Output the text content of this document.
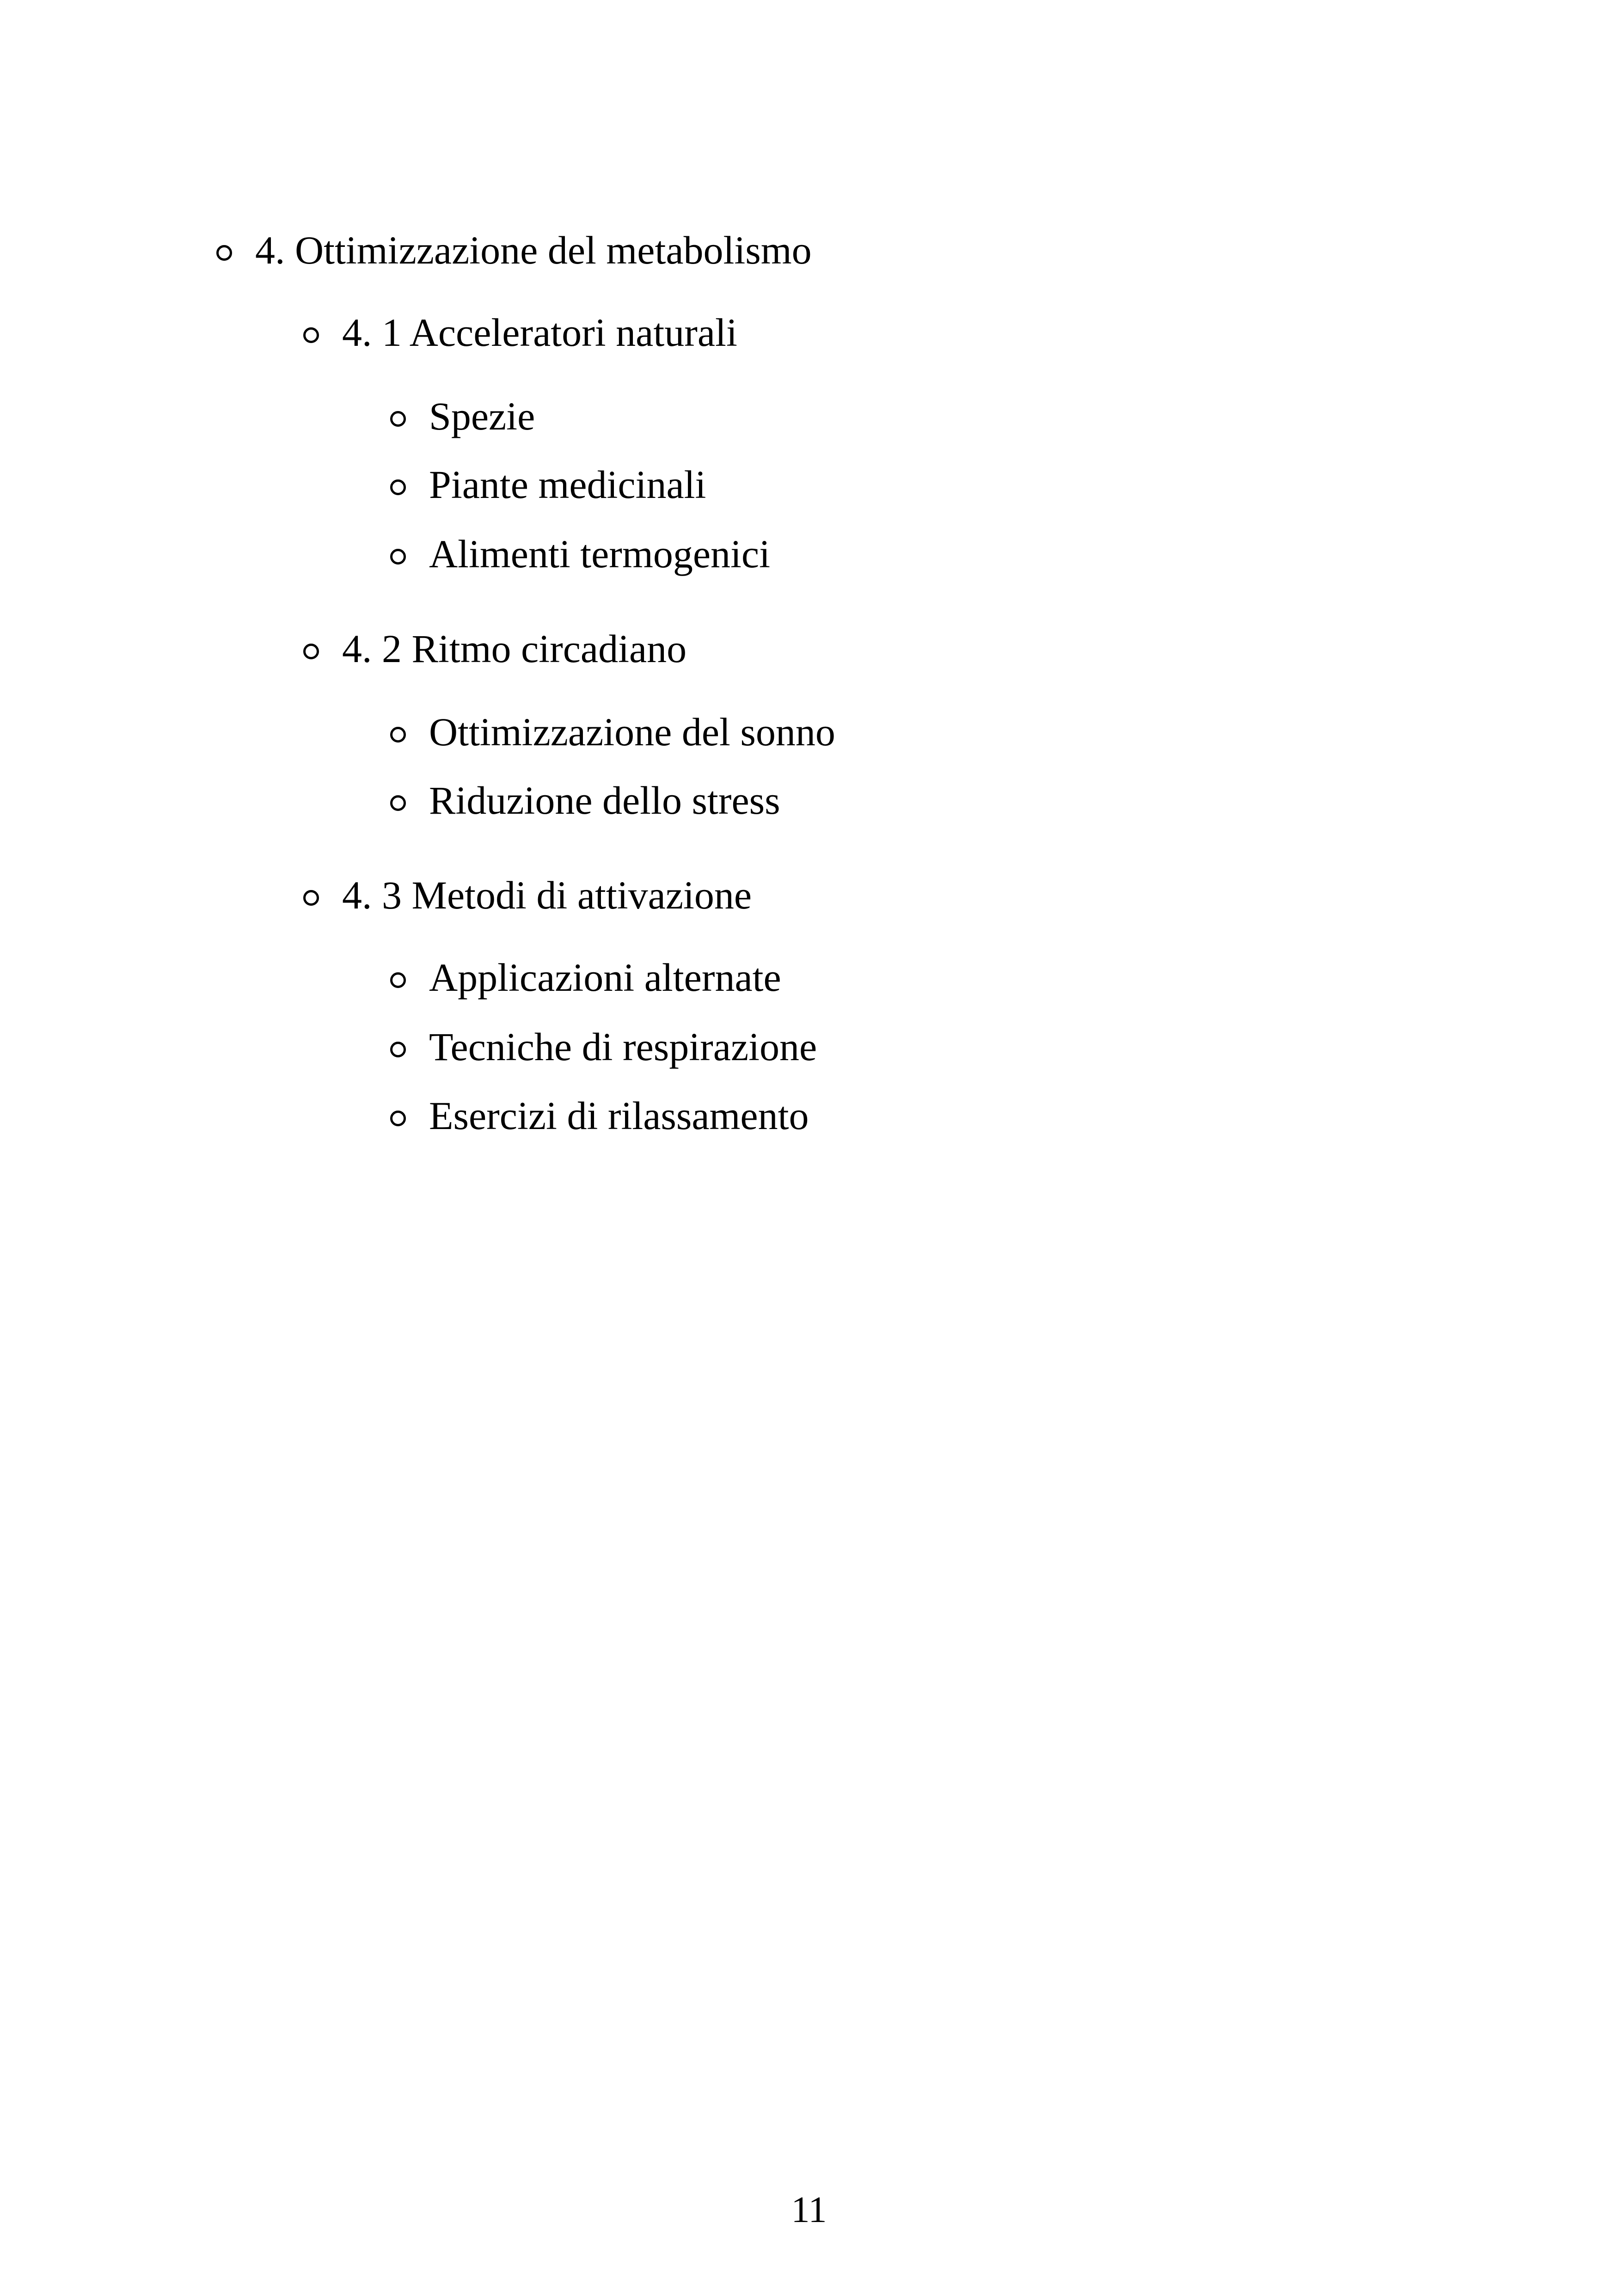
4. Ottimizzazione del metabolismo
4. 1 Acceleratori naturali
Spezie
Piante medicinali
Alimenti termogenici
4. 2 Ritmo circadiano
Ottimizzazione del sonno
Riduzione dello stress
4. 3 Metodi di attivazione
Applicazioni alternate
Tecniche di respirazione
Esercizi di rilassamento
11
